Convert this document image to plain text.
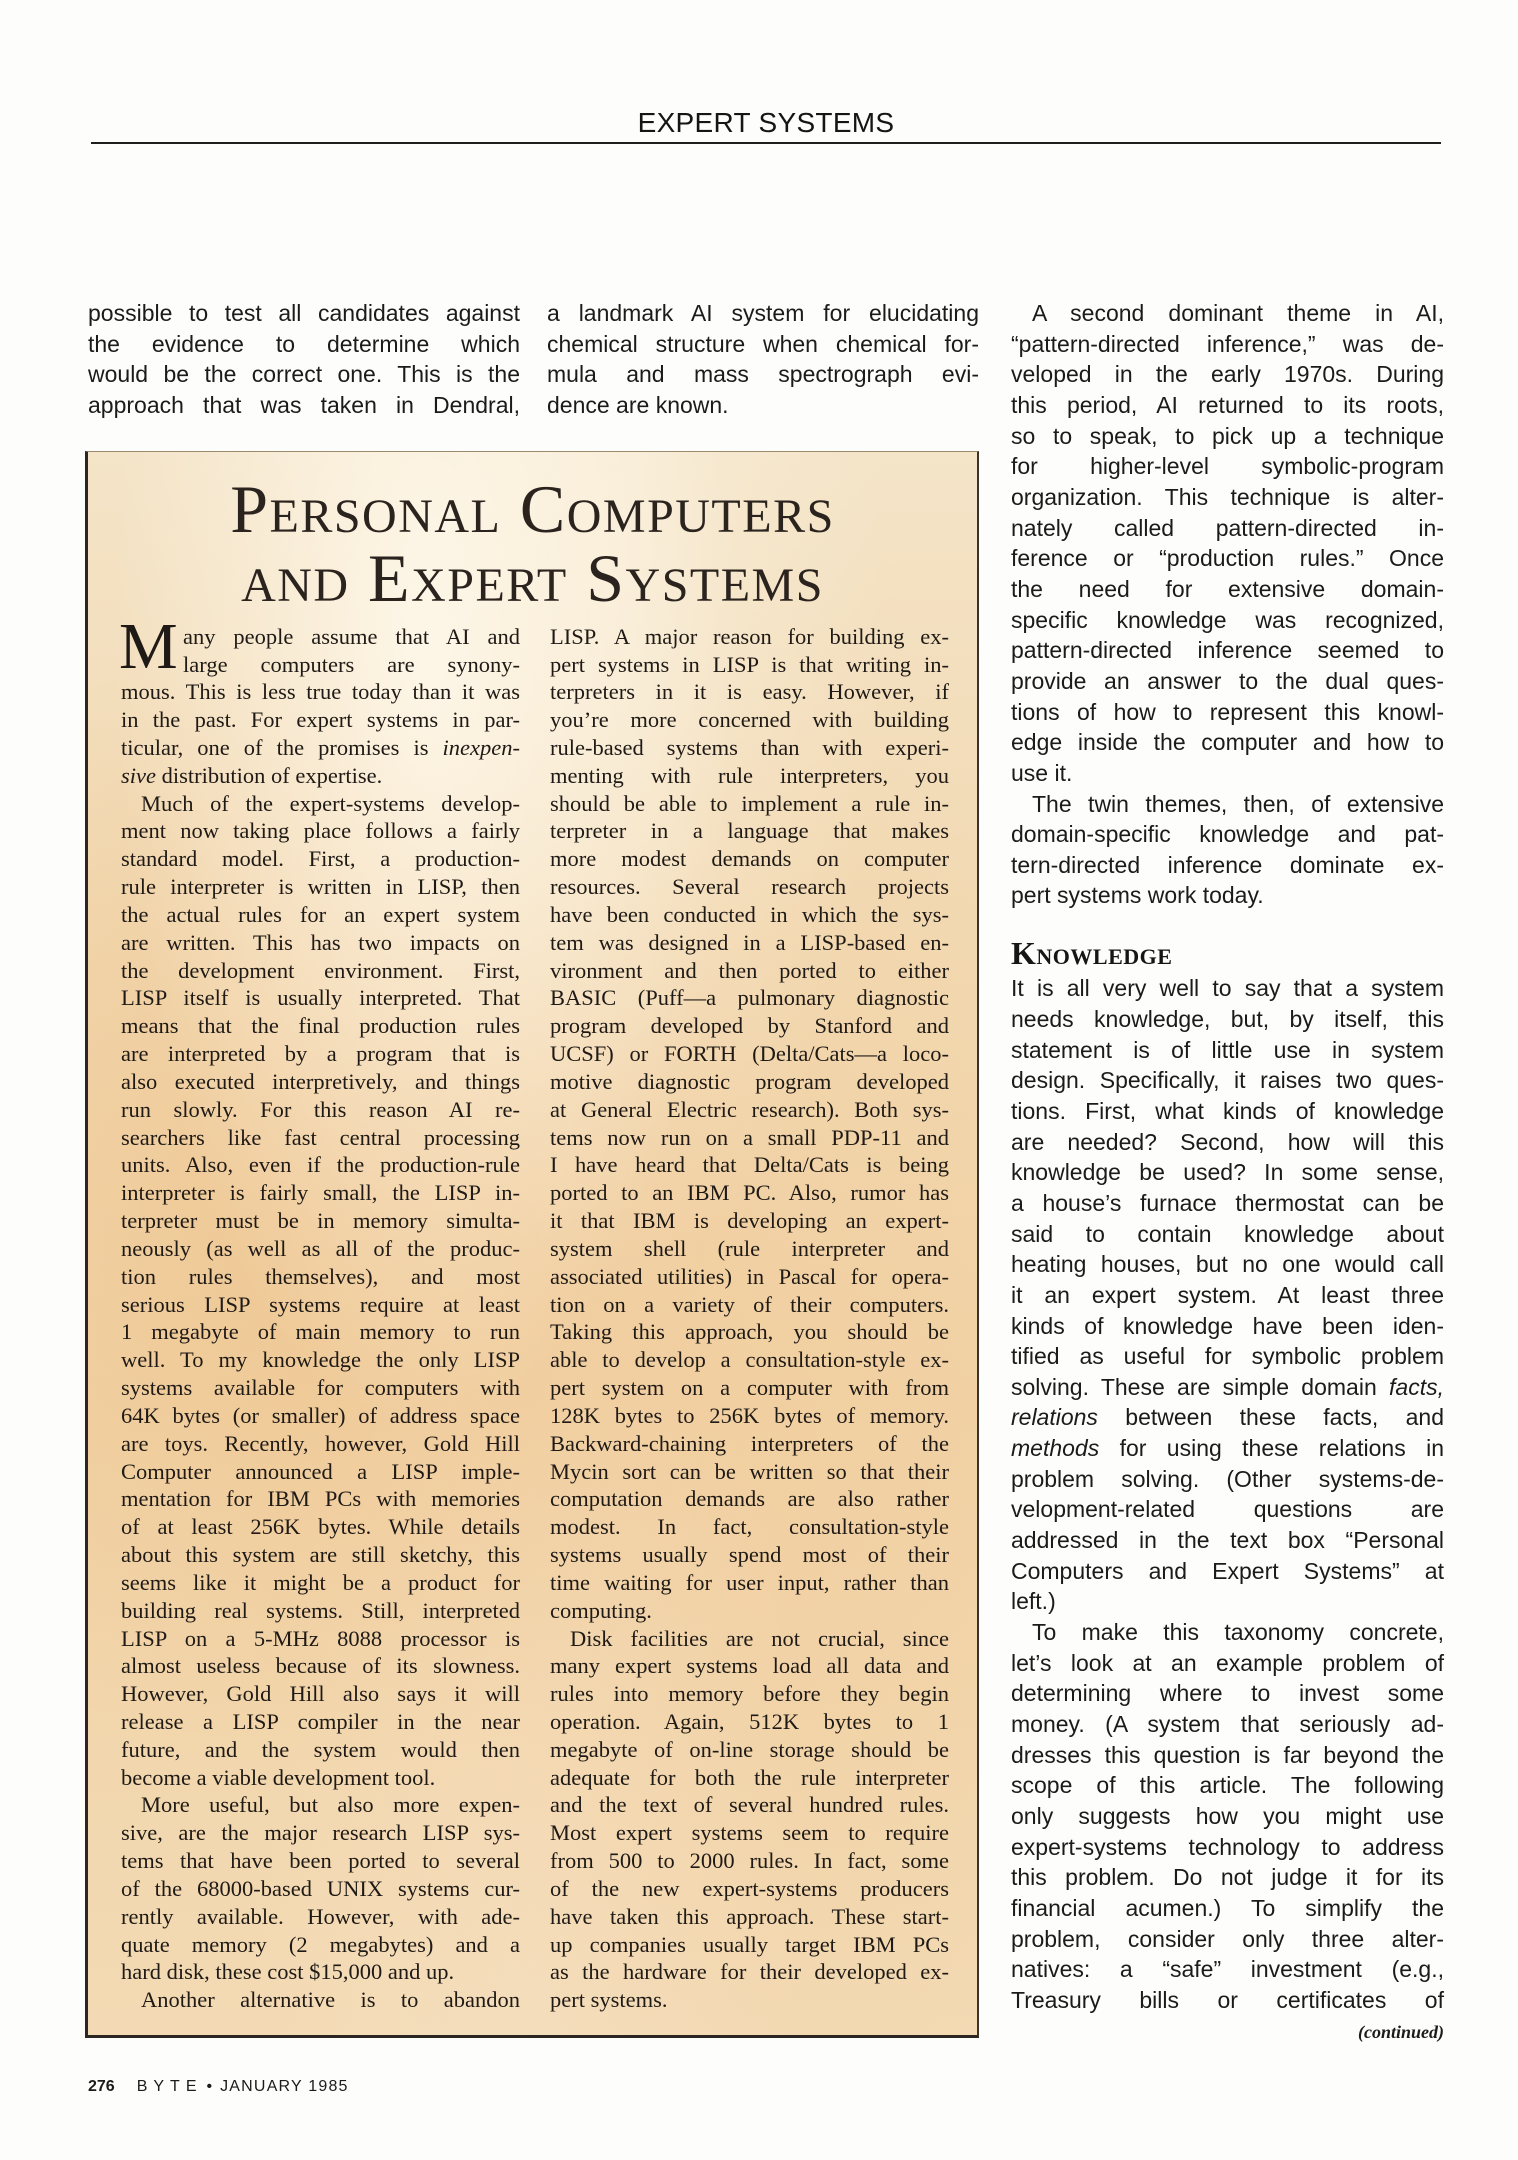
EXPERT SYSTEMS
possible to test all candidates against
the evidence to determine which
would be the correct one. This is the
approach that was taken in Dendral,
a landmark AI system for elucidating
chemical structure when chemical for-
mula and mass spectrograph evi-
dence are known.
Personal Computers
and Expert Systems
M any people assume that AI and
large computers are synony-
mous. This is less true today than it was
in the past. For expert systems in par-
ticular, one of the promises is inexpen-
sive distribution of expertise.
Much of the expert-systems develop-
ment now taking place follows a fairly
standard model. First, a production-
rule interpreter is written in LISP, then
the actual rules for an expert system
are written. This has two impacts on
the development environment. First,
LISP itself is usually interpreted. That
means that the final production rules
are interpreted by a program that is
also executed interpretively, and things
run slowly. For this reason AI re-
searchers like fast central processing
units. Also, even if the production-rule
interpreter is fairly small, the LISP in-
terpreter must be in memory simulta-
neously (as well as all of the produc-
tion rules themselves), and most
serious LISP systems require at least
1 megabyte of main memory to run
well. To my knowledge the only LISP
systems available for computers with
64K bytes (or smaller) of address space
are toys. Recently, however, Gold Hill
Computer announced a LISP imple-
mentation for IBM PCs with memories
of at least 256K bytes. While details
about this system are still sketchy, this
seems like it might be a product for
building real systems. Still, interpreted
LISP on a 5-MHz 8088 processor is
almost useless because of its slowness.
However, Gold Hill also says it will
release a LISP compiler in the near
future, and the system would then
become a viable development tool.
More useful, but also more expen-
sive, are the major research LISP sys-
tems that have been ported to several
of the 68000-based UNIX systems cur-
rently available. However, with ade-
quate memory (2 megabytes) and a
hard disk, these cost $15,000 and up.
Another alternative is to abandon
LISP. A major reason for building ex-
pert systems in LISP is that writing in-
terpreters in it is easy. However, if
you’re more concerned with building
rule-based systems than with experi-
menting with rule interpreters, you
should be able to implement a rule in-
terpreter in a language that makes
more modest demands on computer
resources. Several research projects
have been conducted in which the sys-
tem was designed in a LISP-based en-
vironment and then ported to either
BASIC (Puff—a pulmonary diagnostic
program developed by Stanford and
UCSF) or FORTH (Delta/Cats—a loco-
motive diagnostic program developed
at General Electric research). Both sys-
tems now run on a small PDP-11 and
I have heard that Delta/Cats is being
ported to an IBM PC. Also, rumor has
it that IBM is developing an expert-
system shell (rule interpreter and
associated utilities) in Pascal for opera-
tion on a variety of their computers.
Taking this approach, you should be
able to develop a consultation-style ex-
pert system on a computer with from
128K bytes to 256K bytes of memory.
Backward-chaining interpreters of the
Mycin sort can be written so that their
computation demands are also rather
modest. In fact, consultation-style
systems usually spend most of their
time waiting for user input, rather than
computing.
Disk facilities are not crucial, since
many expert systems load all data and
rules into memory before they begin
operation. Again, 512K bytes to 1
megabyte of on-line storage should be
adequate for both the rule interpreter
and the text of several hundred rules.
Most expert systems seem to require
from 500 to 2000 rules. In fact, some
of the new expert-systems producers
have taken this approach. These start-
up companies usually target IBM PCs
as the hardware for their developed ex-
pert systems.
A second dominant theme in AI,
“pattern-directed inference,” was de-
veloped in the early 1970s. During
this period, AI returned to its roots,
so to speak, to pick up a technique
for higher-level symbolic-program
organization. This technique is alter-
nately called pattern-directed in-
ference or “production rules.” Once
the need for extensive domain-
specific knowledge was recognized,
pattern-directed inference seemed to
provide an answer to the dual ques-
tions of how to represent this knowl-
edge inside the computer and how to
use it.
The twin themes, then, of extensive
domain-specific knowledge and pat-
tern-directed inference dominate ex-
pert systems work today.
Knowledge
It is all very well to say that a system
needs knowledge, but, by itself, this
statement is of little use in system
design. Specifically, it raises two ques-
tions. First, what kinds of knowledge
are needed? Second, how will this
knowledge be used? In some sense,
a house’s furnace thermostat can be
said to contain knowledge about
heating houses, but no one would call
it an expert system. At least three
kinds of knowledge have been iden-
tified as useful for symbolic problem
solving. These are simple domain facts,
relations between these facts, and
methods for using these relations in
problem solving. (Other systems-de-
velopment-related questions are
addressed in the text box “Personal
Computers and Expert Systems” at
left.)
To make this taxonomy concrete,
let’s look at an example problem of
determining where to invest some
money. (A system that seriously ad-
dresses this question is far beyond the
scope of this article. The following
only suggests how you might use
expert-systems technology to address
this problem. Do not judge it for its
financial acumen.) To simplify the
problem, consider only three alter-
natives: a “safe” investment (e.g.,
Treasury bills or certificates of
(continued)
276 BYTE • JANUARY 1985
